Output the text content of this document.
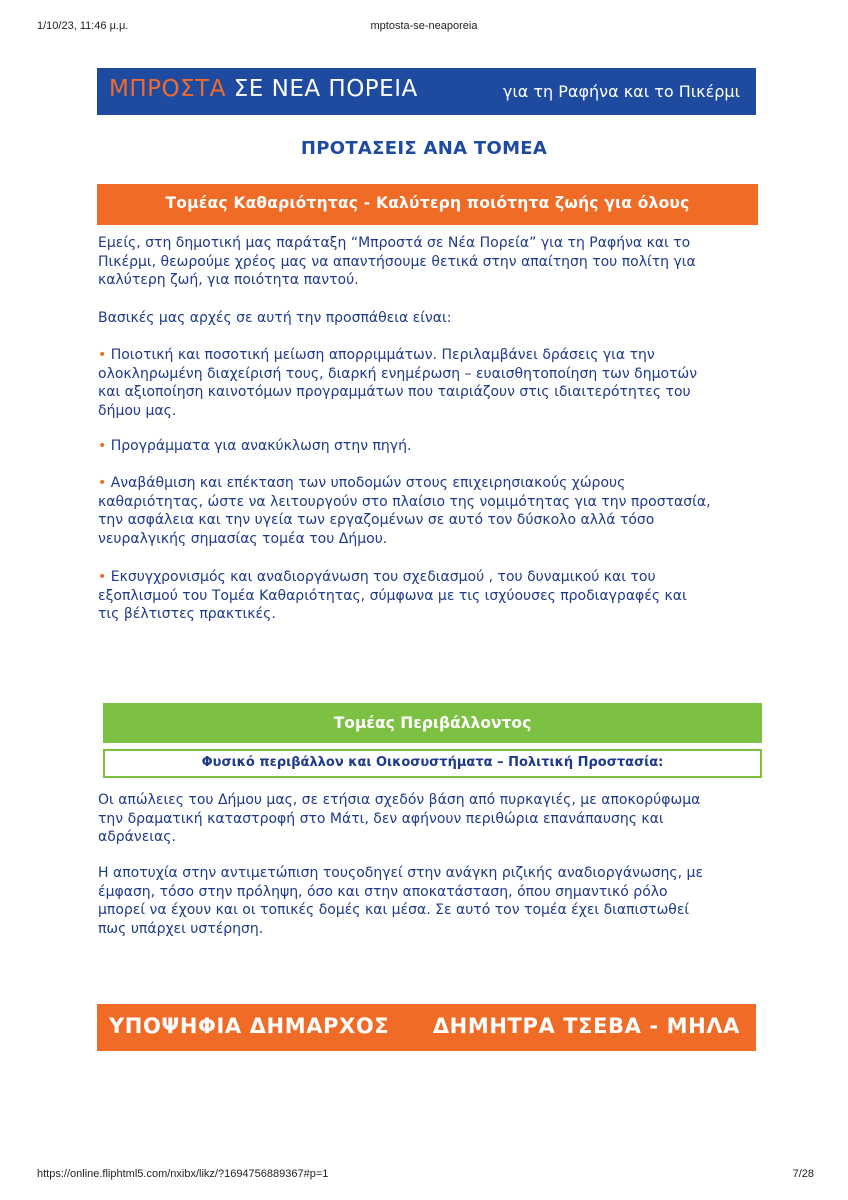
1/10/23, 11:46 μ.μ.	mptosta-se-neaporeia
ΜΠΡΟΣΤΑ ΣΕ ΝΕΑ ΠΟΡΕΙΑ	για τη Ραφήνα και το Πικέρμι
ΠΡΟΤΑΣΕΙΣ ΑΝΑ ΤΟΜΕΑ
Τομέας Καθαριότητας - Καλύτερη ποιότητα ζωής για όλους
Εμείς, στη δημοτική μας παράταξη “Μπροστά σε Νέα Πορεία” για τη Ραφήνα και το
Πικέρμι, θεωρούμε χρέος μας να απαντήσουμε θετικά στην απαίτηση του πολίτη για
καλύτερη ζωή, για ποιότητα παντού.
Βασικές μας αρχές σε αυτή την προσπάθεια είναι:
• Ποιοτική και ποσοτική μείωση απορριμμάτων. Περιλαμβάνει δράσεις για την
ολοκληρωμένη διαχείρισή τους, διαρκή ενημέρωση – ευαισθητοποίηση των δημοτών
και αξιοποίηση καινοτόμων προγραμμάτων που ταιριάζουν στις ιδιαιτερότητες του
δήμου μας.
• Προγράμματα για ανακύκλωση στην πηγή.
• Αναβάθμιση και επέκταση των υποδομών στους επιχειρησιακούς χώρους
καθαριότητας, ώστε να λειτουργούν στο πλαίσιο της νομιμότητας για την προστασία,
την ασφάλεια και την υγεία των εργαζομένων σε αυτό τον δύσκολο αλλά τόσο
νευραλγικής σημασίας τομέα του Δήμου.
• Εκσυγχρονισμός και αναδιοργάνωση του σχεδιασμού , του δυναμικού και του
εξοπλισμού του Τομέα Καθαριότητας, σύμφωνα με τις ισχύουσες προδιαγραφές και
τις βέλτιστες πρακτικές.
Τομέας Περιβάλλοντος
Φυσικό περιβάλλον και Οικοσυστήματα – Πολιτική Προστασία:
Οι απώλειες του Δήμου μας, σε ετήσια σχεδόν βάση από πυρκαγιές, με αποκορύφωμα
την δραματική καταστροφή στο Μάτι, δεν αφήνουν περιθώρια επανάπαυσης και
αδράνειας.
Η αποτυχία στην αντιμετώπιση τουςοδηγεί στην ανάγκη ριζικής αναδιοργάνωσης, με
έμφαση, τόσο στην πρόληψη, όσο και στην αποκατάσταση, όπου σημαντικό ρόλο
μπορεί να έχουν και οι τοπικές δομές και μέσα. Σε αυτό τον τομέα έχει διαπιστωθεί
πως υπάρχει υστέρηση.
ΥΠΟΨΗΦΙΑ ΔΗΜΑΡΧΟΣ ΔΗΜΗΤΡΑ ΤΣΕΒΑ - ΜΗΛΑ
https://online.fliphtml5.com/nxibx/likz/?1694756889367#p=1	7/28
